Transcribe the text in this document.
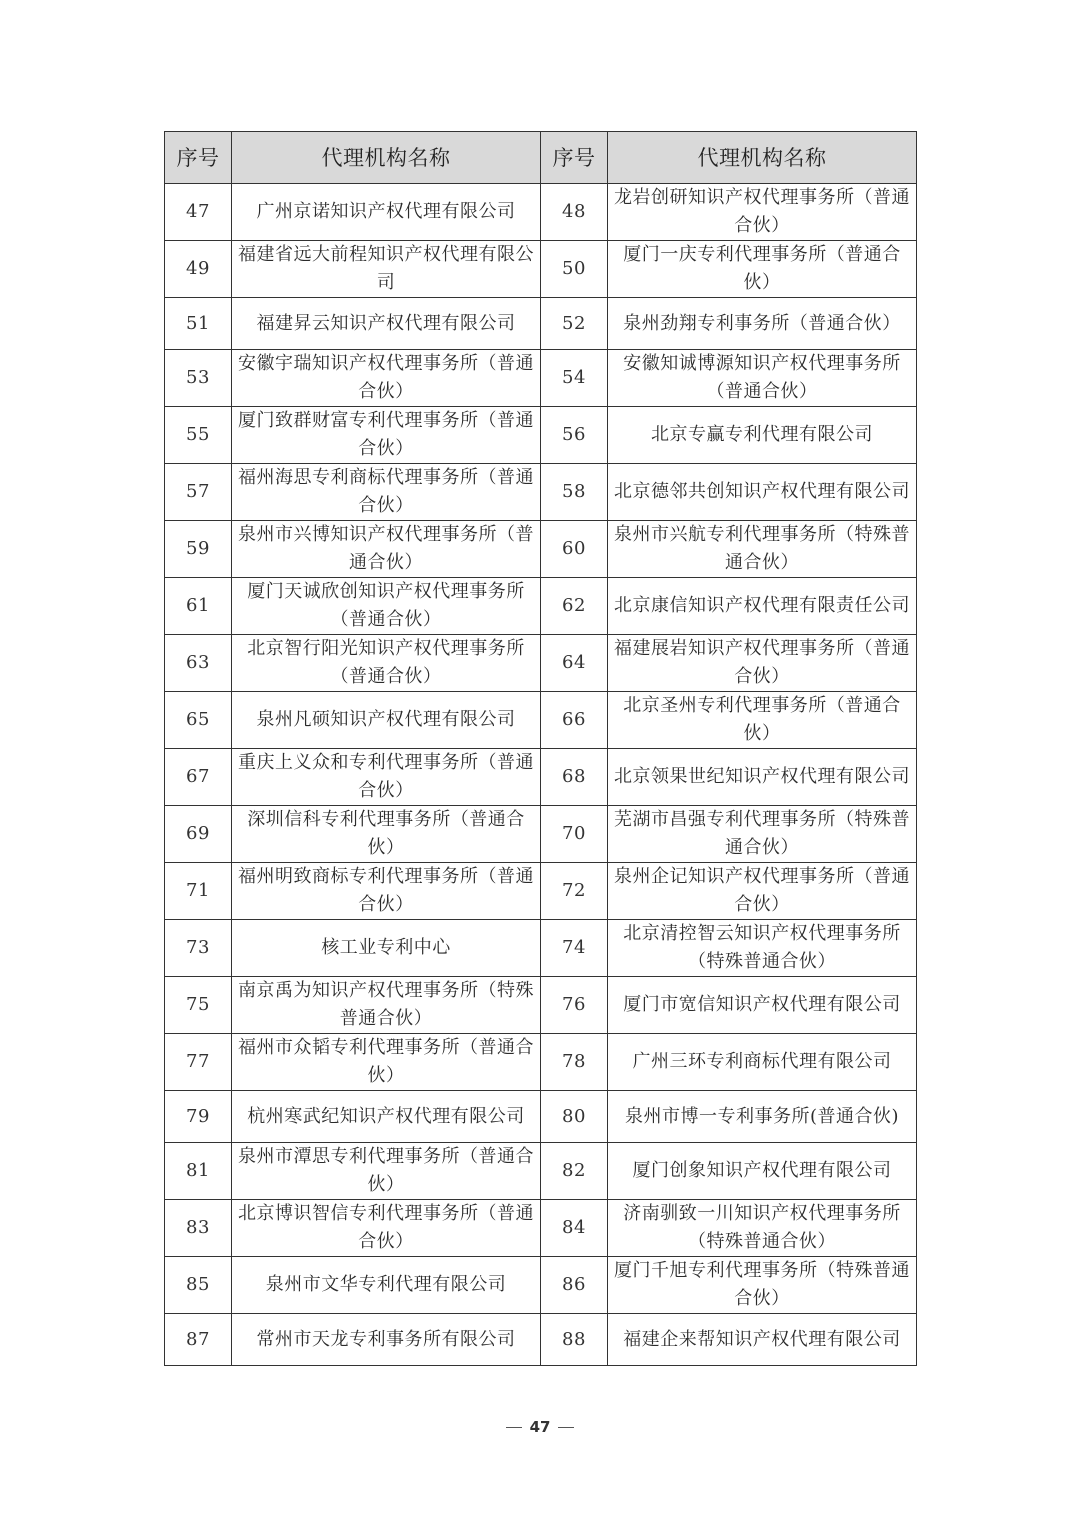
序号	代理机构名称	序号	代理机构名称
47	广州京诺知识产权代理有限公司	48	龙岩创研知识产权代理事务所（普通合伙）
49	福建省远大前程知识产权代理有限公司	50	厦门一庆专利代理事务所（普通合伙）
51	福建昇云知识产权代理有限公司	52	泉州劲翔专利事务所（普通合伙）
53	安徽宇瑞知识产权代理事务所（普通合伙）	54	安徽知诚博源知识产权代理事务所（普通合伙）
55	厦门致群财富专利代理事务所（普通合伙）	56	北京专赢专利代理有限公司
57	福州海思专利商标代理事务所（普通合伙）	58	北京德邻共创知识产权代理有限公司
59	泉州市兴博知识产权代理事务所（普通合伙）	60	泉州市兴航专利代理事务所（特殊普通合伙）
61	厦门天诚欣创知识产权代理事务所（普通合伙）	62	北京康信知识产权代理有限责任公司
63	北京智行阳光知识产权代理事务所（普通合伙）	64	福建展岩知识产权代理事务所（普通合伙）
65	泉州凡硕知识产权代理有限公司	66	北京圣州专利代理事务所（普通合伙）
67	重庆上义众和专利代理事务所（普通合伙）	68	北京领果世纪知识产权代理有限公司
69	深圳信科专利代理事务所（普通合伙）	70	芜湖市昌强专利代理事务所（特殊普通合伙）
71	福州明致商标专利代理事务所（普通合伙）	72	泉州企记知识产权代理事务所（普通合伙）
73	核工业专利中心	74	北京清控智云知识产权代理事务所（特殊普通合伙）
75	南京禹为知识产权代理事务所（特殊普通合伙）	76	厦门市宽信知识产权代理有限公司
77	福州市众韬专利代理事务所（普通合伙）	78	广州三环专利商标代理有限公司
79	杭州寒武纪知识产权代理有限公司	80	泉州市博一专利事务所(普通合伙)
81	泉州市潭思专利代理事务所（普通合伙）	82	厦门创象知识产权代理有限公司
83	北京博识智信专利代理事务所（普通合伙）	84	济南驯致一川知识产权代理事务所（特殊普通合伙）
85	泉州市文华专利代理有限公司	86	厦门千旭专利代理事务所（特殊普通合伙）
87	常州市天龙专利事务所有限公司	88	福建企来帮知识产权代理有限公司
47
